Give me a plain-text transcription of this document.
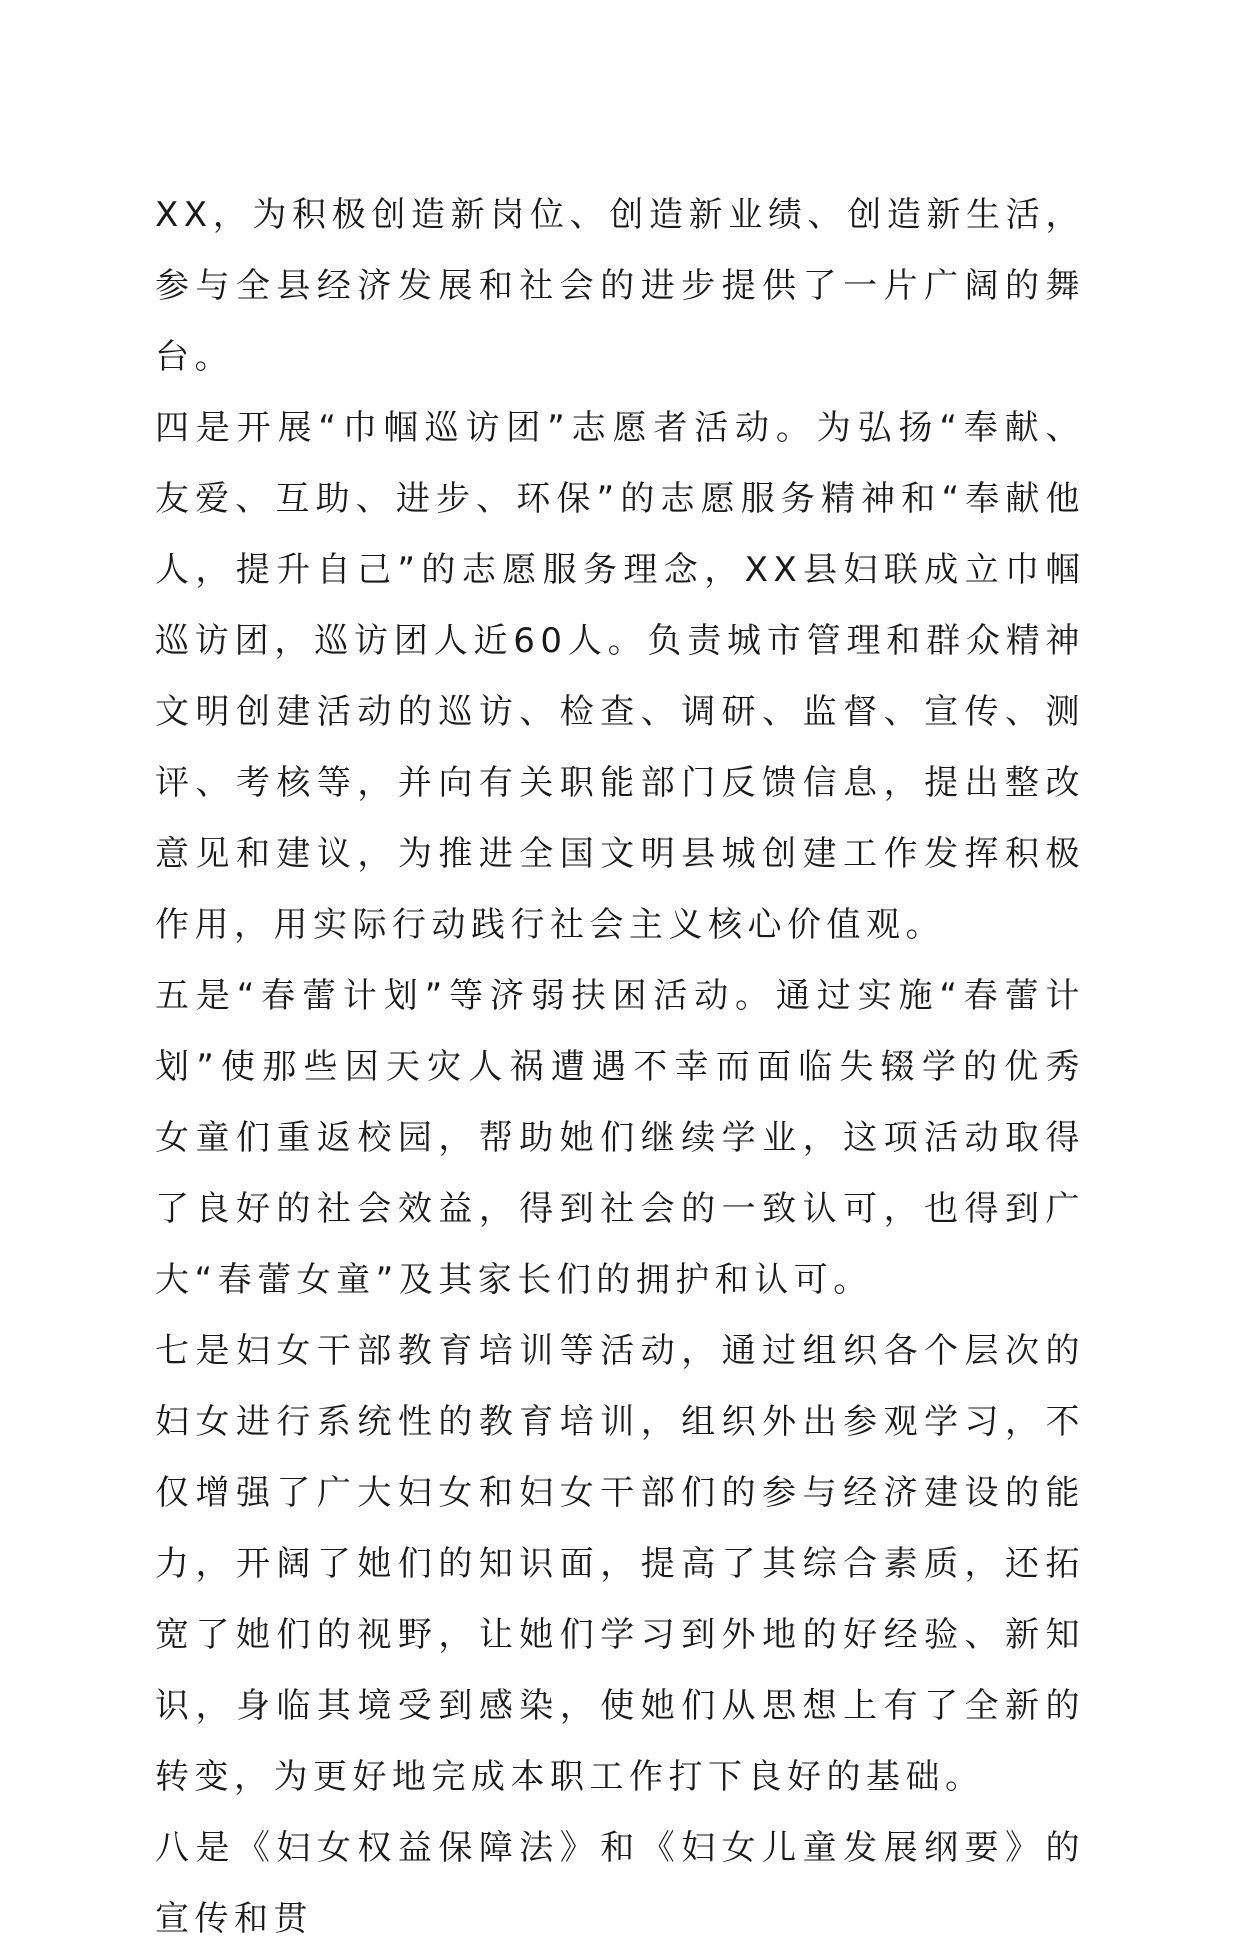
XX，为积极创造新岗位、创造新业绩、创造新生活，参与全县经济发展和社会的进步提供了一片广阔的舞台。

四是开展“巾帼巡访团”志愿者活动。为弘扬“奉献、友爱、互助、进步、环保”的志愿服务精神和“奉献他人，提升自己”的志愿服务理念，XX县妇联成立巾帼巡访团，巡访团人近60人。负责城市管理和群众精神文明创建活动的巡访、检查、调研、监督、宣传、测评、考核等，并向有关职能部门反馈信息，提出整改意见和建议，为推进全国文明县城创建工作发挥积极作用，用实际行动践行社会主义核心价值观。

五是“春蕾计划”等济弱扶困活动。通过实施“春蕾计划”使那些因天灾人祸遭遇不幸而面临失辍学的优秀女童们重返校园，帮助她们继续学业，这项活动取得了良好的社会效益，得到社会的一致认可，也得到广大“春蕾女童”及其家长们的拥护和认可。

七是妇女干部教育培训等活动，通过组织各个层次的妇女进行系统性的教育培训，组织外出参观学习，不仅增强了广大妇女和妇女干部们的参与经济建设的能力，开阔了她们的知识面，提高了其综合素质，还拓宽了她们的视野，让她们学习到外地的好经验、新知识，身临其境受到感染，使她们从思想上有了全新的转变，为更好地完成本职工作打下良好的基础。

八是《妇女权益保障法》和《妇女儿童发展纲要》的宣传和贯
